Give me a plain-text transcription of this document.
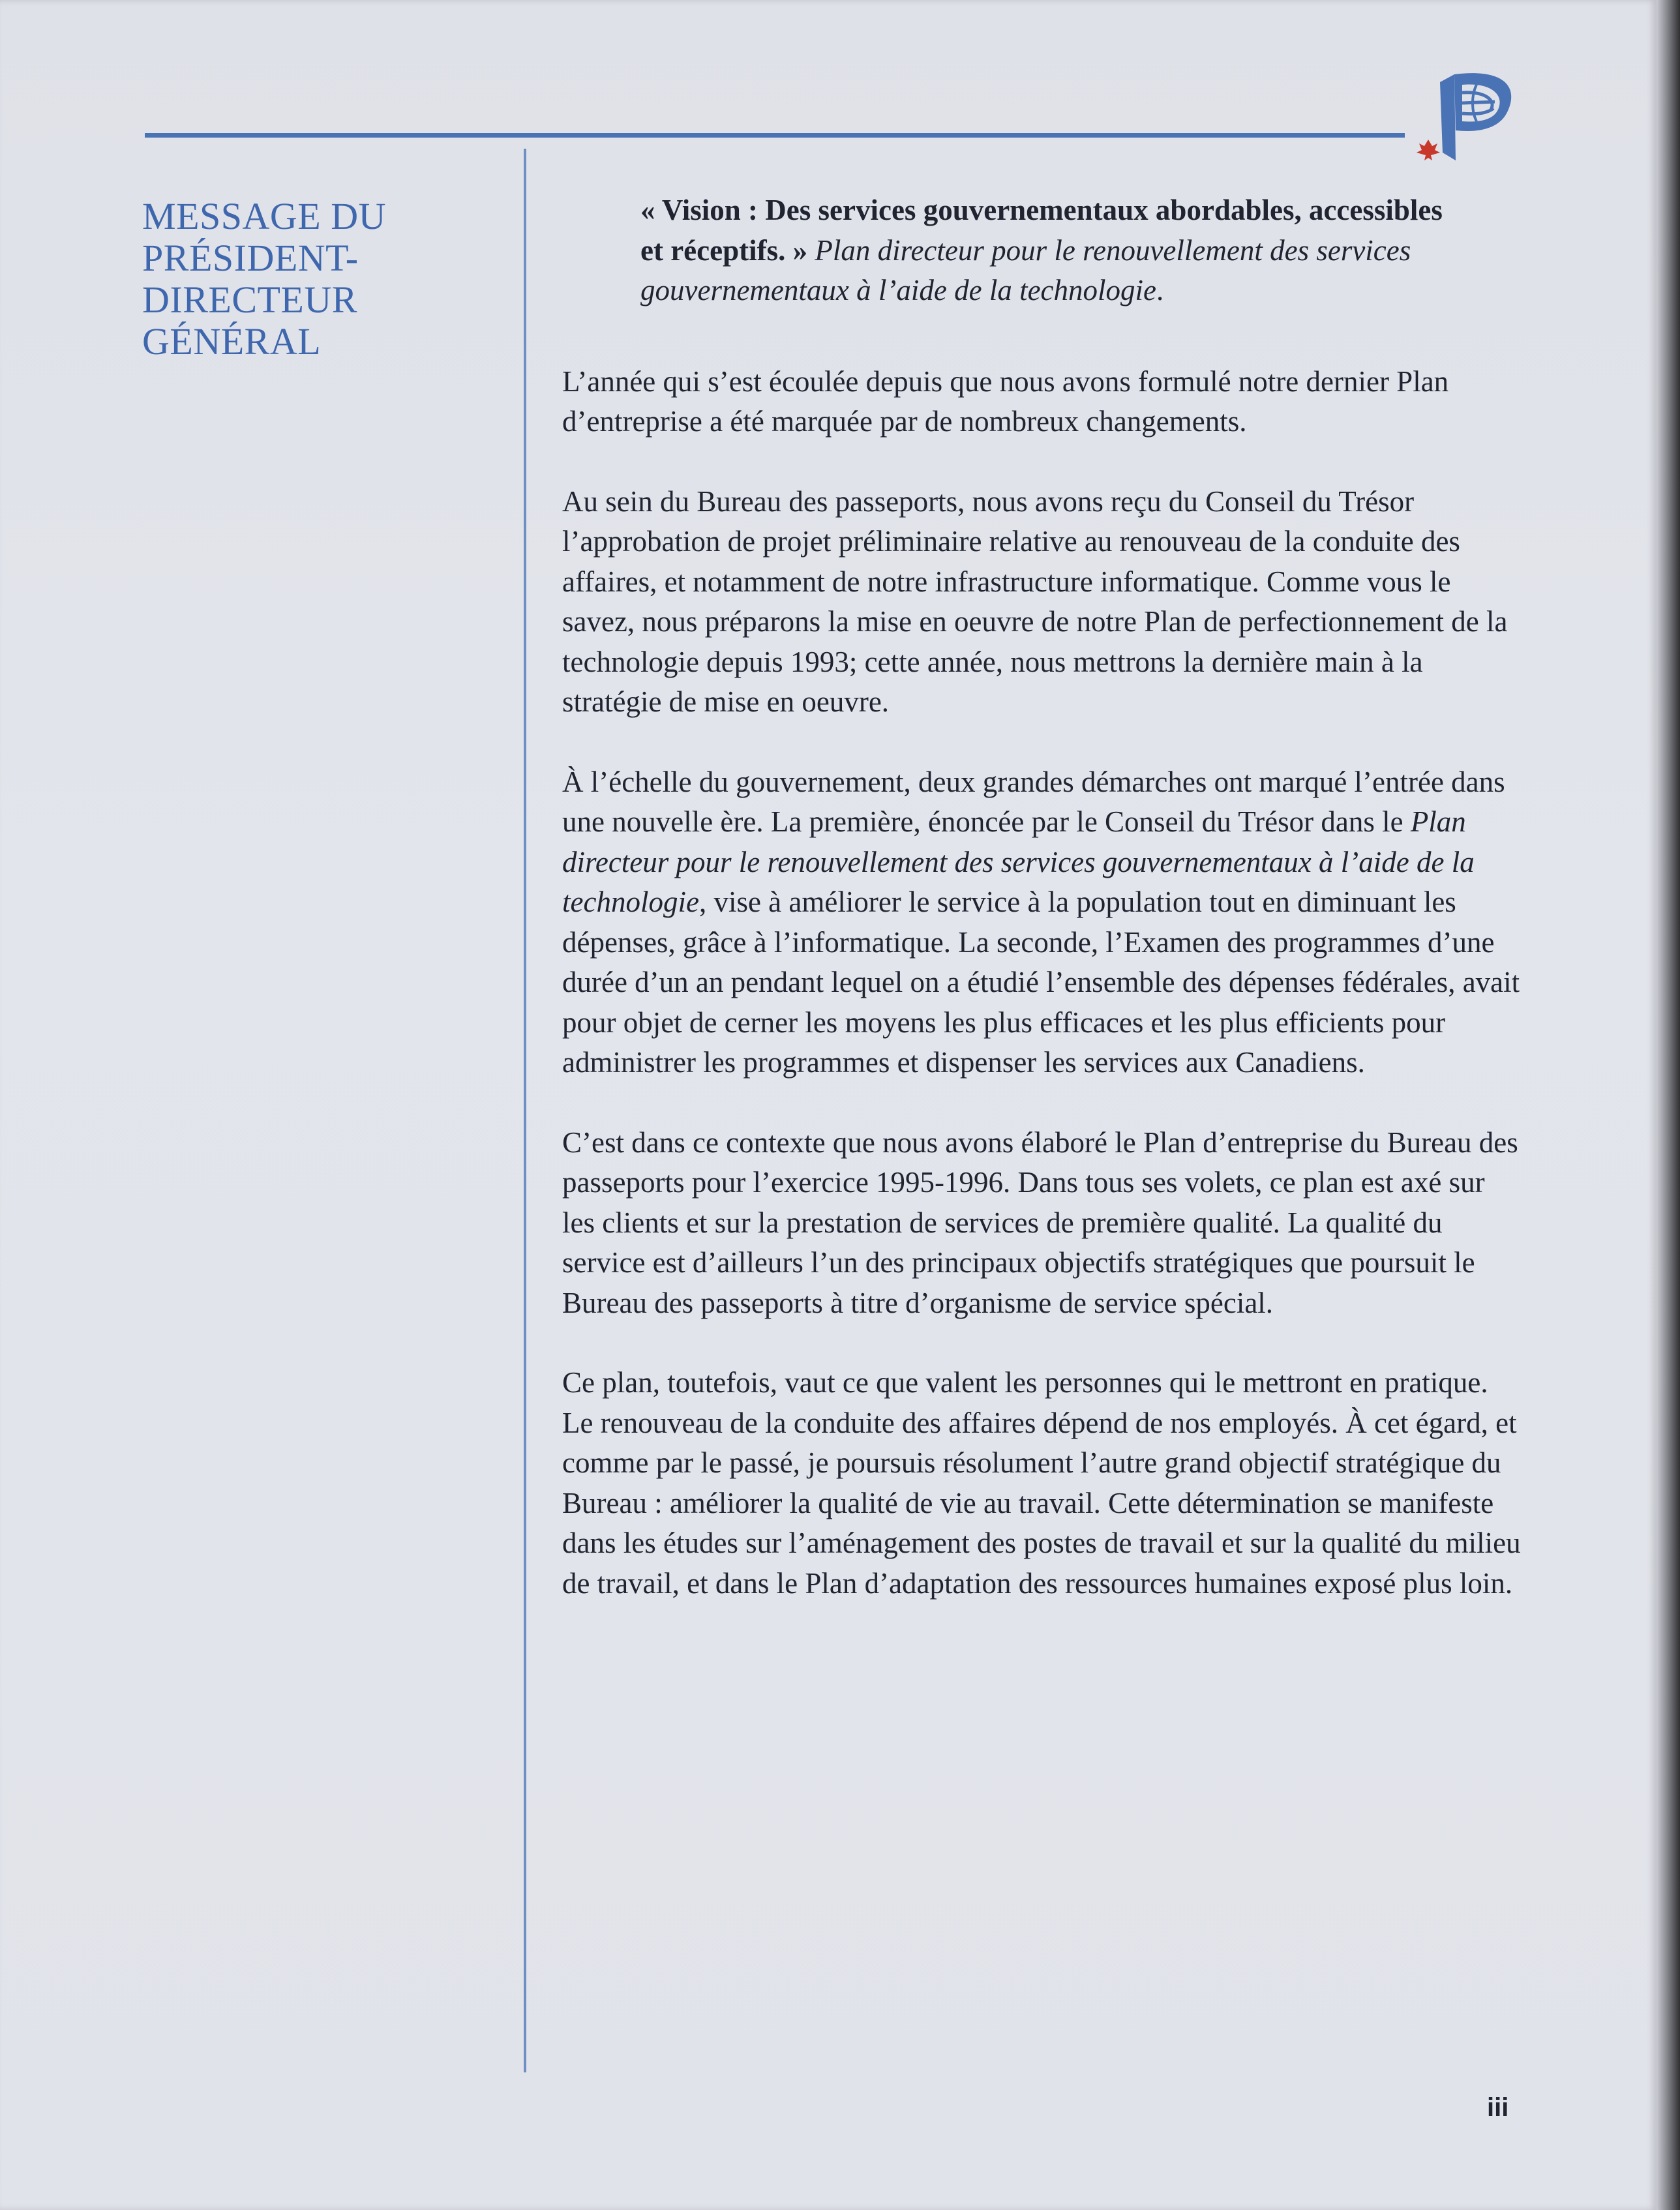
MESSAGE DU
PRÉSIDENT-
DIRECTEUR
GÉNÉRAL
« Vision : Des services gouvernementaux abordables, accessibles et réceptifs. » Plan directeur pour le renouvellement des services gouvernementaux à l’aide de la technologie.

L’année qui s’est écoulée depuis que nous avons formulé notre dernier Plan d’entreprise a été marquée par de nombreux changements.

Au sein du Bureau des passeports, nous avons reçu du Conseil du Trésor l’approbation de projet préliminaire relative au renouveau de la conduite des affaires, et notamment de notre infrastructure informatique. Comme vous le savez, nous préparons la mise en oeuvre de notre Plan de perfectionnement de la technologie depuis 1993; cette année, nous mettrons la dernière main à la stratégie de mise en oeuvre.

À l’échelle du gouvernement, deux grandes démarches ont marqué l’entrée dans une nouvelle ère. La première, énoncée par le Conseil du Trésor dans le Plan directeur pour le renouvellement des services gouvernementaux à l’aide de la technologie, vise à améliorer le service à la population tout en diminuant les dépenses, grâce à l’informatique. La seconde, l’Examen des programmes d’une durée d’un an pendant lequel on a étudié l’ensemble des dépenses fédérales, avait pour objet de cerner les moyens les plus efficaces et les plus efficients pour administrer les programmes et dispenser les services aux Canadiens.

C’est dans ce contexte que nous avons élaboré le Plan d’entreprise du Bureau des passeports pour l’exercice 1995-1996. Dans tous ses volets, ce plan est axé sur les clients et sur la prestation de services de première qualité. La qualité du service est d’ailleurs l’un des principaux objectifs stratégiques que poursuit le Bureau des passeports à titre d’organisme de service spécial.

Ce plan, toutefois, vaut ce que valent les personnes qui le mettront en pratique. Le renouveau de la conduite des affaires dépend de nos employés. À cet égard, et comme par le passé, je poursuis résolument l’autre grand objectif stratégique du Bureau : améliorer la qualité de vie au travail. Cette détermination se manifeste dans les études sur l’aménagement des postes de travail et sur la qualité du milieu de travail, et dans le Plan d’adaptation des ressources humaines exposé plus loin.

iii
